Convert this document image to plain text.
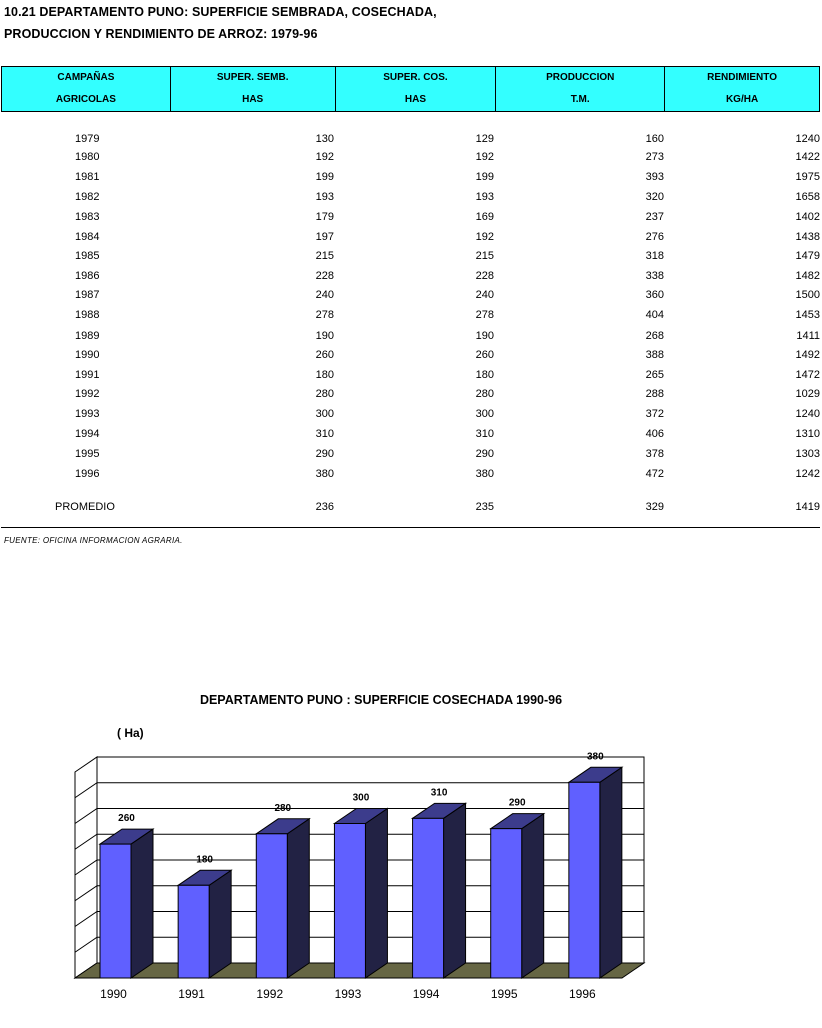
10.21 DEPARTAMENTO PUNO: SUPERFICIE SEMBRADA, COSECHADA,
PRODUCCION Y RENDIMIENTO DE ARROZ: 1979-96
CAMPAÑAS
AGRICOLAS

SUPER. SEMB.
HAS

SUPER. COS.
HAS

PRODUCCION
T.M.

RENDIMIENTO
KG/HA
1979	130	129	160	1240
1980	192	192	273	1422
1981	199	199	393	1975
1982	193	193	320	1658
1983	179	169	237	1402
1984	197	192	276	1438
1985	215	215	318	1479
1986	228	228	338	1482
1987	240	240	360	1500
1988	278	278	404	1453
1989	190	190	268	1411
1990	260	260	388	1492
1991	180	180	265	1472
1992	280	280	288	1029
1993	300	300	372	1240
1994	310	310	406	1310
1995	290	290	378	1303
1996	380	380	472	1242
PROMEDIO	236	235	329	1419
FUENTE: OFICINA INFORMACION AGRARIA.
DEPARTAMENTO PUNO : SUPERFICIE COSECHADA 1990-96
( Ha)
260
1990
180
1991
280
1992
300
1993
310
1994
290
1995
380
1996
